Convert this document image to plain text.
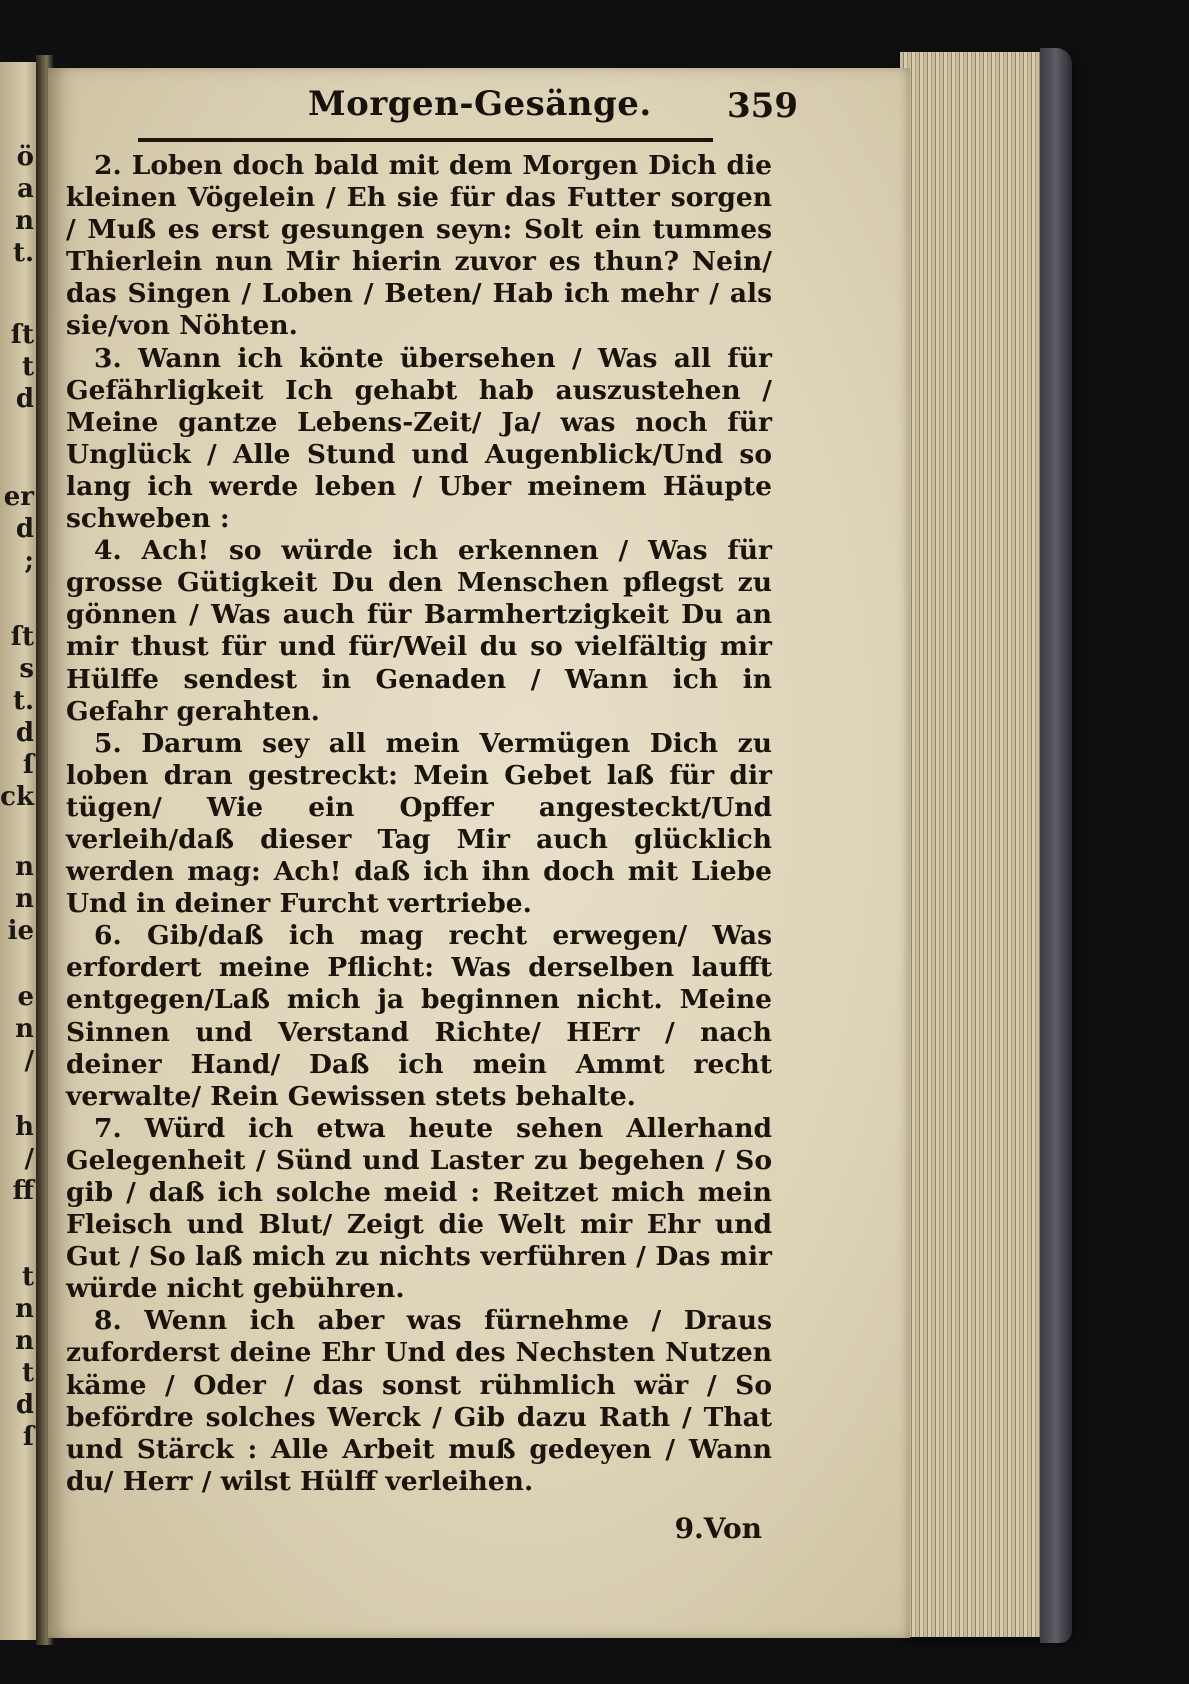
ö
a
n
t.
ſt
t
d
er
d
;
ſt
s
t.
d
ſ
ck
n
n
ie
e
n
/
h
/
ff
t
n
n
t
d
ſ
Morgen-Gesänge. 359

2. Loben doch bald mit dem Morgen Dich die kleinen Vögelein / Eh sie für das Futter sorgen / Muß es erst gesungen seyn: Solt ein tummes Thierlein nun Mir hierin zuvor es thun? Nein/ das Singen / Loben / Beten/ Hab ich mehr / als sie/von Nöhten.

3. Wann ich könte übersehen / Was all für Gefährligkeit Ich gehabt hab auszustehen / Meine gantze Lebens-Zeit/ Ja/ was noch für Unglück / Alle Stund und Augenblick/Und so lang ich werde leben / Uber meinem Häupte schweben :

4. Ach! so würde ich erkennen / Was für grosse Gütigkeit Du den Menschen pflegst zu gönnen / Was auch für Barmhertzigkeit Du an mir thust für und für/Weil du so vielfältig mir Hülffe sendest in Genaden / Wann ich in Gefahr gerahten.

5. Darum sey all mein Vermügen Dich zu loben dran gestreckt: Mein Gebet laß für dir tügen/ Wie ein Opffer angesteckt/Und verleih/daß dieser Tag Mir auch glücklich werden mag: Ach! daß ich ihn doch mit Liebe Und in deiner Furcht vertriebe.

6. Gib/daß ich mag recht erwegen/ Was erfordert meine Pflicht: Was derselben laufft entgegen/Laß mich ja beginnen nicht. Meine Sinnen und Verstand Richte/ HErr / nach deiner Hand/ Daß ich mein Ammt recht verwalte/ Rein Gewissen stets behalte.

7. Würd ich etwa heute sehen Allerhand Gelegenheit / Sünd und Laster zu begehen / So gib / daß ich solche meid : Reitzet mich mein Fleisch und Blut/ Zeigt die Welt mir Ehr und Gut / So laß mich zu nichts verführen / Das mir würde nicht gebühren.

8. Wenn ich aber was fürnehme / Draus zuforderst deine Ehr Und des Nechsten Nutzen käme / Oder / das sonst rühmlich wär / So befördre solches Werck / Gib dazu Rath / That und Stärck : Alle Arbeit muß gedeyen / Wann du/ Herr / wilst Hülff verleihen.

9.Von
